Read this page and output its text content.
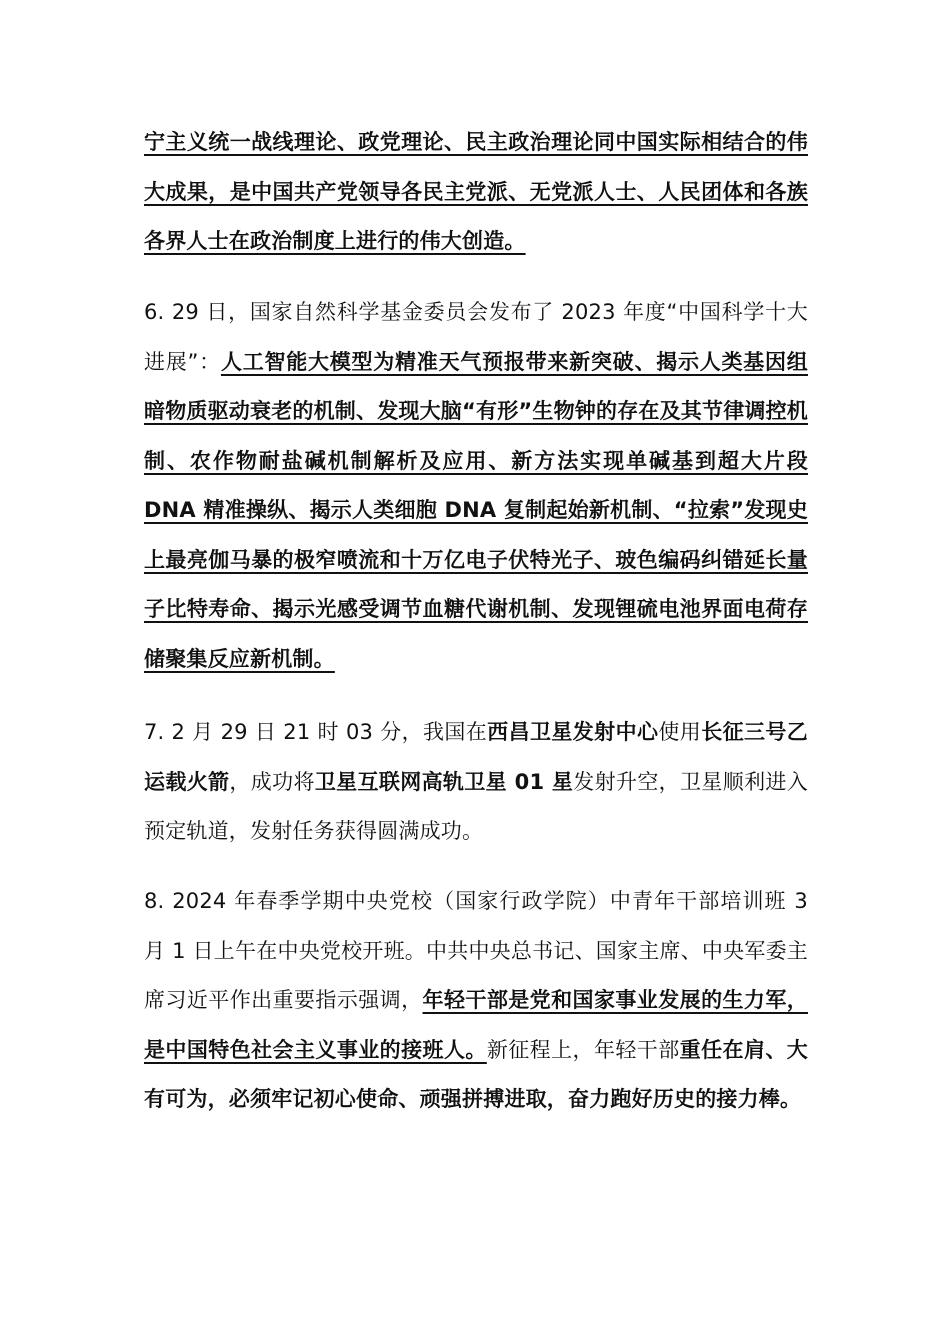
宁主义统一战线理论、政党理论、民主政治理论同中国实际相结合的伟大成果，是中国共产党领导各民主党派、无党派人士、人民团体和各族各界人士在政治制度上进行的伟大创造。

6. 29 日，国家自然科学基金委员会发布了 2023 年度“中国科学十大进展”：人工智能大模型为精准天气预报带来新突破、揭示人类基因组暗物质驱动衰老的机制、发现大脑“有形”生物钟的存在及其节律调控机制、农作物耐盐碱机制解析及应用、新方法实现单碱基到超大片段 DNA 精准操纵、揭示人类细胞 DNA 复制起始新机制、“拉索”发现史上最亮伽马暴的极窄喷流和十万亿电子伏特光子、玻色编码纠错延长量子比特寿命、揭示光感受调节血糖代谢机制、发现锂硫电池界面电荷存储聚集反应新机制。

7. 2 月 29 日 21 时 03 分，我国在西昌卫星发射中心使用长征三号乙运载火箭，成功将卫星互联网高轨卫星 01 星发射升空，卫星顺利进入预定轨道，发射任务获得圆满成功。

8. 2024 年春季学期中央党校（国家行政学院）中青年干部培训班 3 月 1 日上午在中央党校开班。中共中央总书记、国家主席、中央军委主席习近平作出重要指示强调，年轻干部是党和国家事业发展的生力军，是中国特色社会主义事业的接班人。新征程上，年轻干部重任在肩、大有可为，必须牢记初心使命、顽强拼搏进取，奋力跑好历史的接力棒。
